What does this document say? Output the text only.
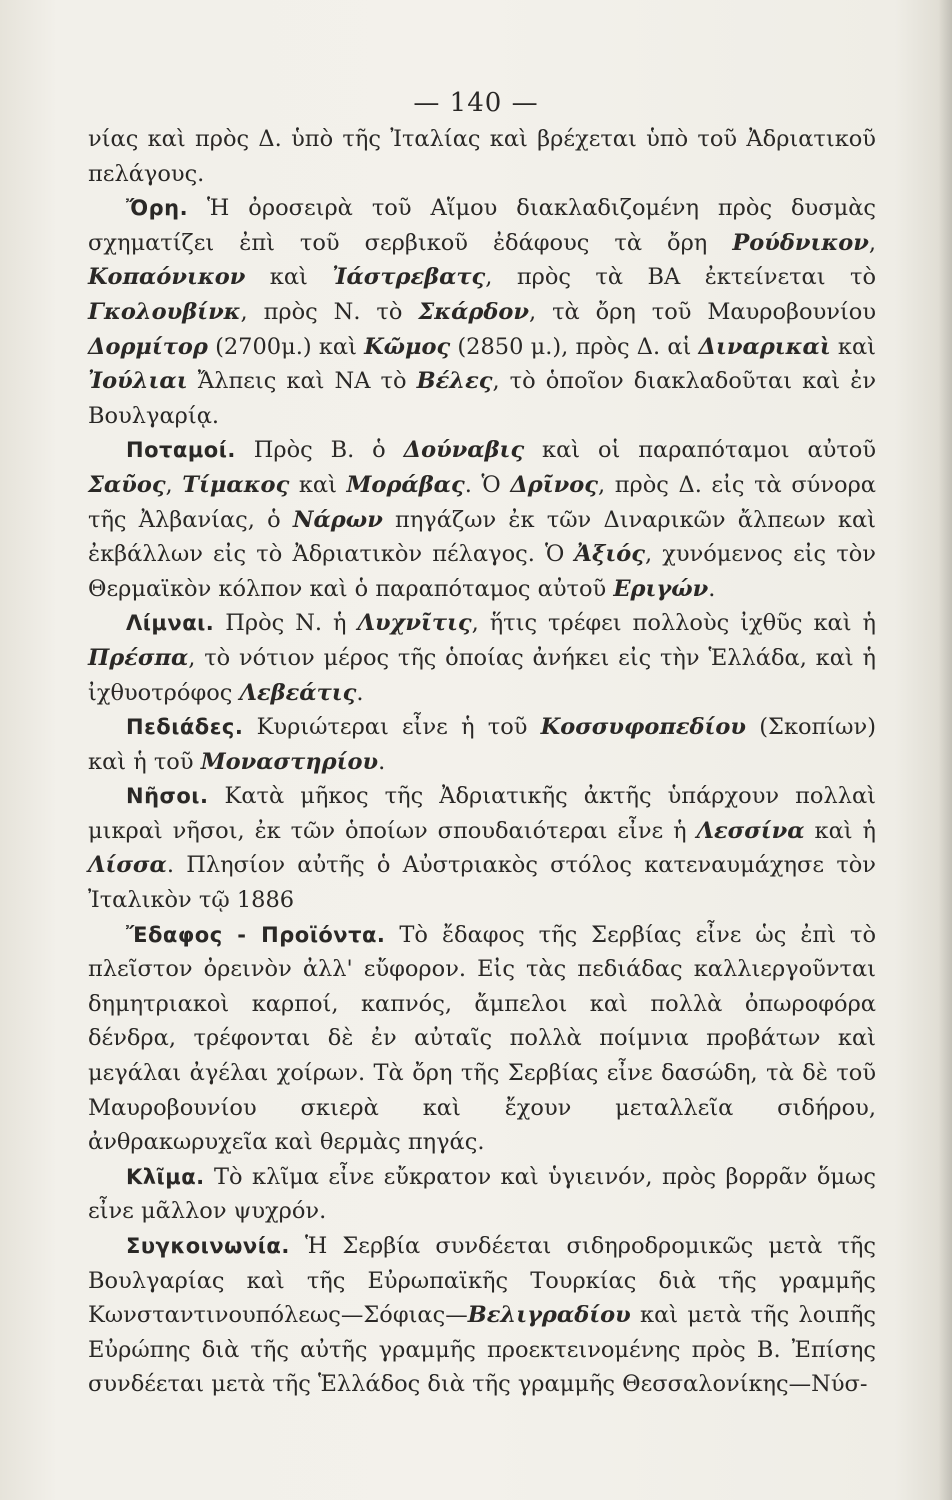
— 140 —

νίας καὶ πρὸς Δ. ὑπὸ τῆς Ἰταλίας καὶ βρέχεται ὑπὸ τοῦ Ἀδριατικοῦ πελάγους.

Ὄρη. Ἡ ὀροσειρὰ τοῦ Αἵμου διακλαδιζομένη πρὸς δυσμὰς σχηματίζει ἐπὶ τοῦ σερβικοῦ ἐδάφους τὰ ὄρη Ρούδνικον, Κοπαόνικον καὶ Ἰάστρεβατς, πρὸς τὰ ΒΑ ἐκτείνεται τὸ Γκολουβίνκ, πρὸς Ν. τὸ Σκάρδον, τὰ ὄρη τοῦ Μαυροβουνίου Δορμίτορ (2700μ.) καὶ Κῶμος (2850 μ.), πρὸς Δ. αἱ Διναρικαὶ καὶ Ἰούλιαι Ἄλπεις καὶ ΝΑ τὸ Βέλες, τὸ ὁποῖον διακλαδοῦται καὶ ἐν Βουλγαρίᾳ.

Ποταμοί. Πρὸς Β. ὁ Δούναβις καὶ οἱ παραπόταμοι αὐτοῦ Σαῦος, Τίμακος καὶ Μοράβας. Ὁ Δρῖνος, πρὸς Δ. εἰς τὰ σύνορα τῆς Ἀλβανίας, ὁ Νάρων πηγάζων ἐκ τῶν Διναρικῶν ἄλπεων καὶ ἐκβάλλων εἰς τὸ Ἀδριατικὸν πέλαγος. Ὁ Ἀξιός, χυνόμενος εἰς τὸν Θερμαϊκὸν κόλπον καὶ ὁ παραπόταμος αὐτοῦ Εριγών.

Λίμναι. Πρὸς Ν. ἡ Λυχνῖτις, ἥτις τρέφει πολλοὺς ἰχθῦς καὶ ἡ Πρέσπα, τὸ νότιον μέρος τῆς ὁποίας ἀνήκει εἰς τὴν Ἑλλάδα, καὶ ἡ ἰχθυοτρόφος Λεβεάτις.

Πεδιάδες. Κυριώτεραι εἶνε ἡ τοῦ Κοσσυφοπεδίου (Σκοπίων) καὶ ἡ τοῦ Μοναστηρίου.

Νῆσοι. Κατὰ μῆκος τῆς Ἀδριατικῆς ἀκτῆς ὑπάρχουν πολλαὶ μικραὶ νῆσοι, ἐκ τῶν ὁποίων σπουδαιότεραι εἶνε ἡ Λεσσίνα καὶ ἡ Λίσσα. Πλησίον αὐτῆς ὁ Αὐστριακὸς στόλος κατεναυμάχησε τὸν Ἰταλικὸν τῷ 1886

Ἔδαφος - Προϊόντα. Τὸ ἔδαφος τῆς Σερβίας εἶνε ὡς ἐπὶ τὸ πλεῖστον ὀρεινὸν ἀλλ' εὔφορον. Εἰς τὰς πεδιάδας καλλιεργοῦνται δημητριακοὶ καρποί, καπνός, ἄμπελοι καὶ πολλὰ ὀπωροφόρα δένδρα, τρέφονται δὲ ἐν αὐταῖς πολλὰ ποίμνια προβάτων καὶ μεγάλαι ἀγέλαι χοίρων. Τὰ ὄρη τῆς Σερβίας εἶνε δασώδη, τὰ δὲ τοῦ Μαυροβουνίου σκιερὰ καὶ ἔχουν μεταλλεῖα σιδήρου, ἀνθρακωρυχεῖα καὶ θερμὰς πηγάς.

Κλῖμα. Τὸ κλῖμα εἶνε εὔκρατον καὶ ὑγιεινόν, πρὸς βορρᾶν ὅμως εἶνε μᾶλλον ψυχρόν.

Συγκοινωνία. Ἡ Σερβία συνδέεται σιδηροδρομικῶς μετὰ τῆς Βουλγαρίας καὶ τῆς Εὐρωπαϊκῆς Τουρκίας διὰ τῆς γραμμῆς Κωνσταντινουπόλεως—Σόφιας—Βελιγραδίου καὶ μετὰ τῆς λοιπῆς Εὐρώπης διὰ τῆς αὐτῆς γραμμῆς προεκτεινομένης πρὸς Β. Ἐπίσης συνδέεται μετὰ τῆς Ἑλλάδος διὰ τῆς γραμμῆς Θεσσαλονίκης—Νύσ-
